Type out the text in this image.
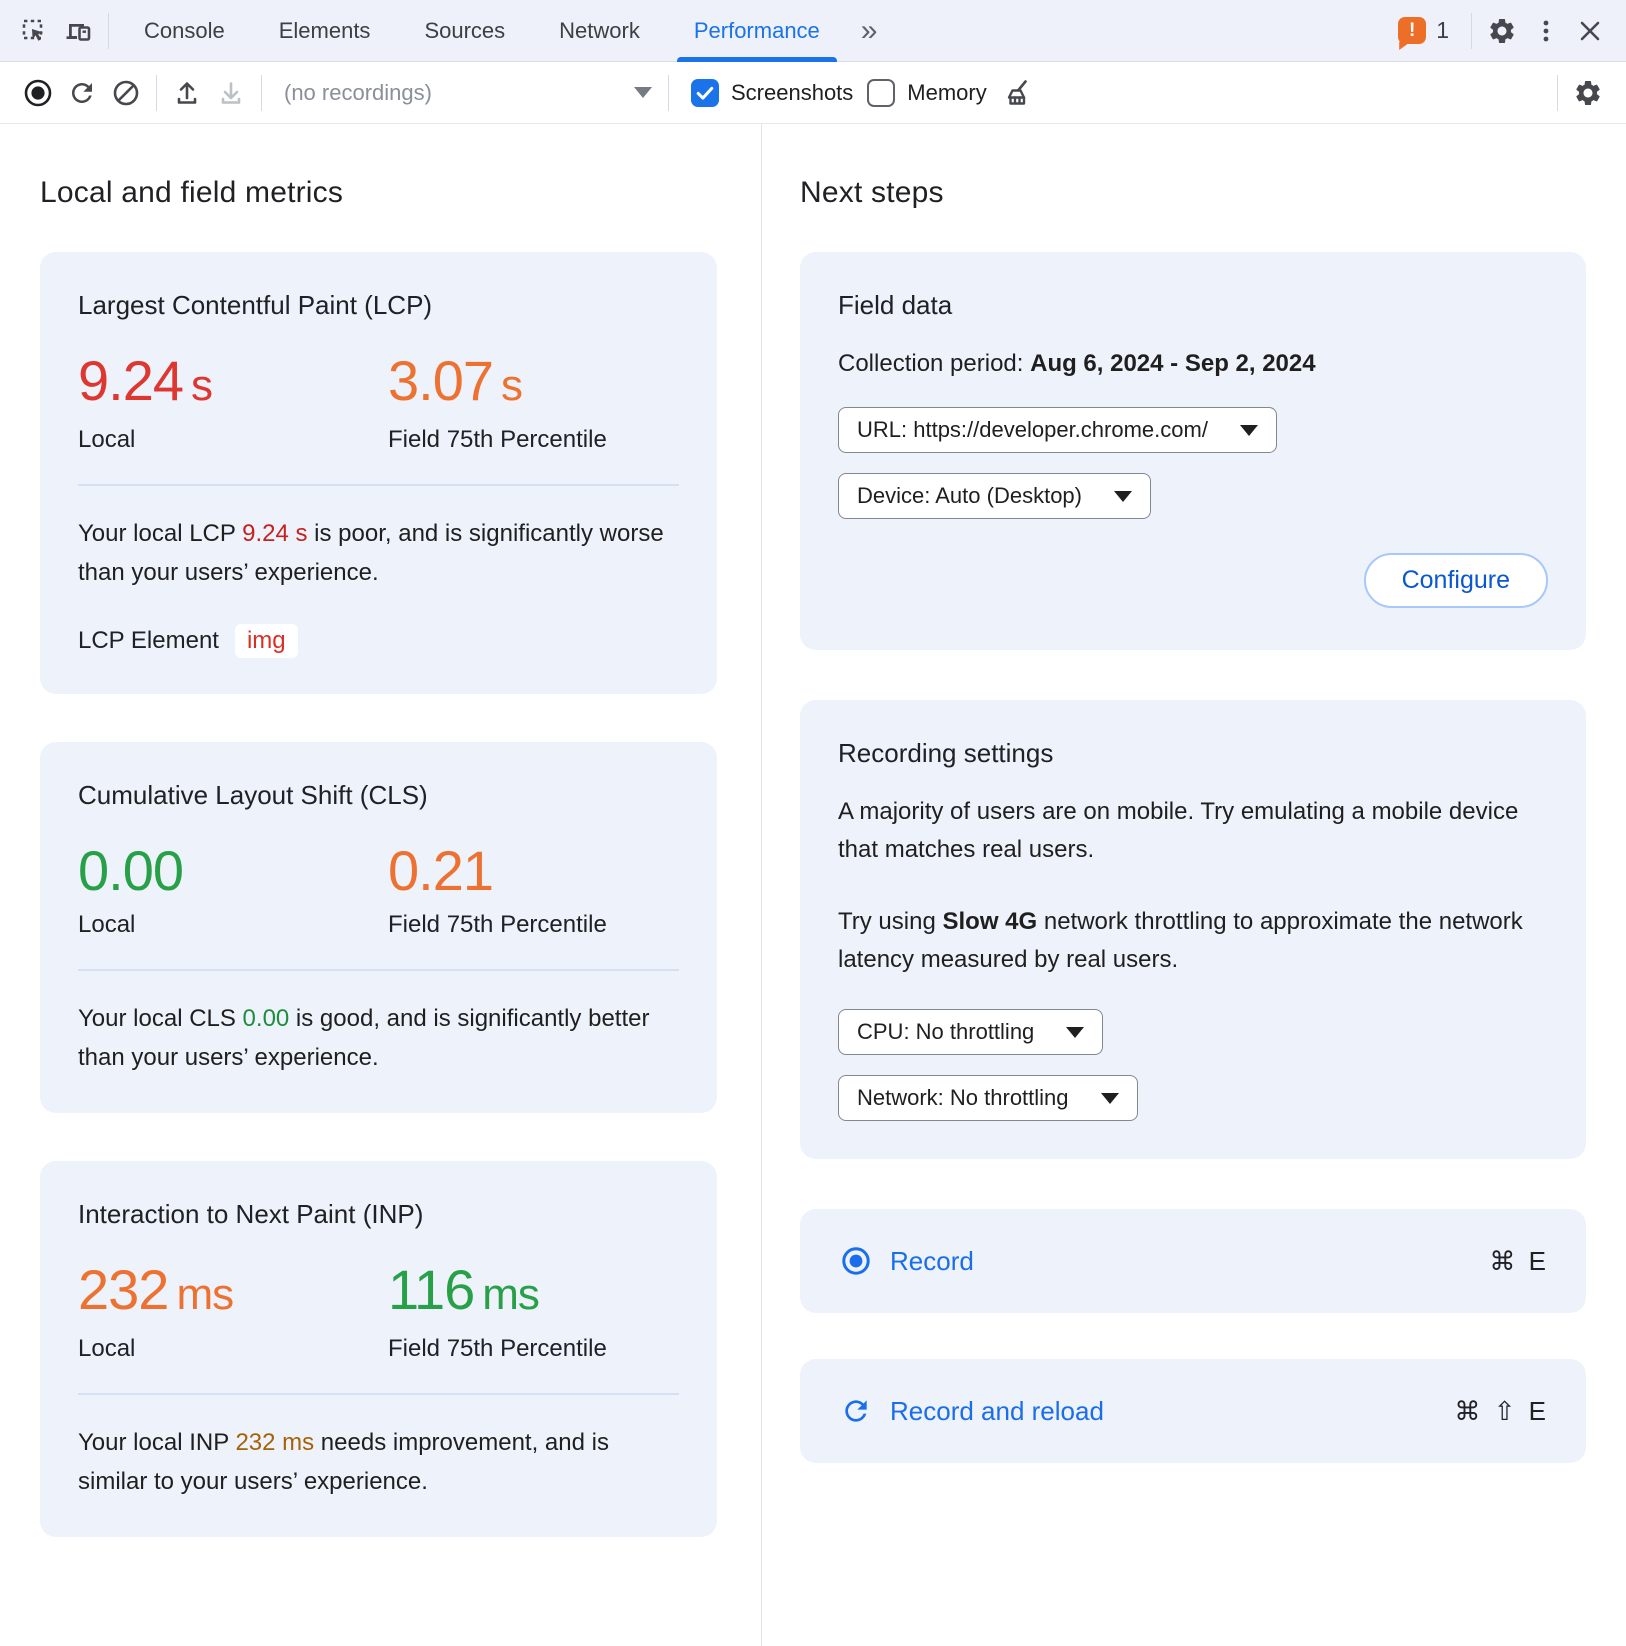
Console	Elements	Sources	Network	Performance	»	! 1
(no recordings)	Screenshots Memory
Local and field metrics
Largest Contentful Paint (LCP)
9.24 s
Local
3.07 s
Field 75th Percentile
Your local LCP 9.24 s is poor, and is significantly worse than your users’ experience.
LCP Element	img
Cumulative Layout Shift (CLS)
0.00
Local
0.21
Field 75th Percentile
Your local CLS 0.00 is good, and is significantly better than your users’ experience.
Interaction to Next Paint (INP)
232 ms
Local
116 ms
Field 75th Percentile
Your local INP 232 ms needs improvement, and is similar to your users’ experience.
Next steps
Field data
Collection period: Aug 6, 2024 - Sep 2, 2024
URL: https://developer.chrome.com/
Device: Auto (Desktop)
Configure
Recording settings
A majority of users are on mobile. Try emulating a mobile device that matches real users.
Try using Slow 4G network throttling to approximate the network latency measured by real users.
CPU: No throttling
Network: No throttling
Record	⌘ E
Record and reload	⌘ ⇧ E
